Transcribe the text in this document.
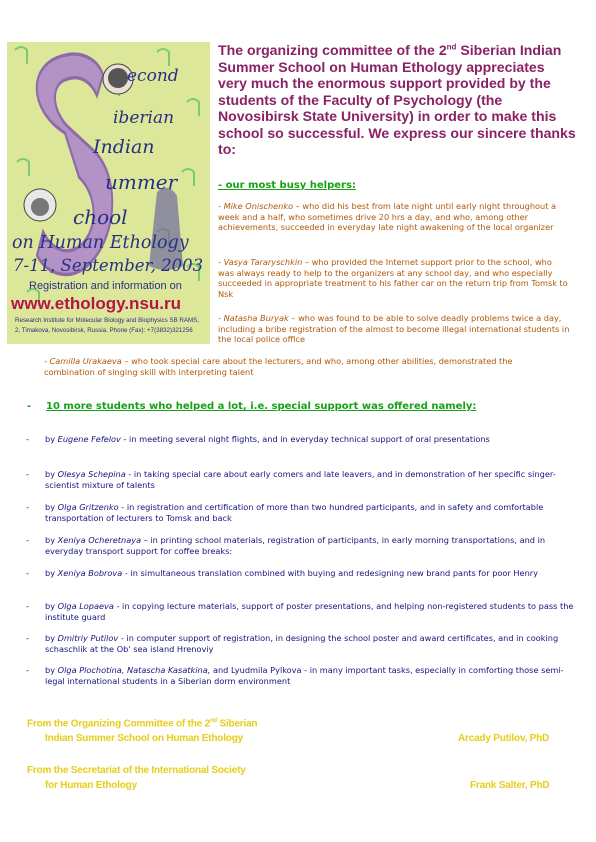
econd
iberian
Indian
ummer
chool
on Human Ethology
7-11, September, 2003
Registration and information on
www.ethology.nsu.ru
Research Institute for Molecular Biology and Biophysics SB RAMS,
2, Timakova, Novosibirsk, Russia. Phone (Fax): +7(3832)321256
The organizing committee of the 2nd Siberian Indian Summer School on Human Ethology appreciates very much the enormous support provided by the students of the Faculty of Psychology (the Novosibirsk State University) in order to make this school so successful. We express our sincere thanks to:
- our most busy helpers:
- Mike Onischenko – who did his best from late night until early night throughout a week and a half, who sometimes drive 20 hrs a day, and who, among other achievements, succeeded in everyday late night awakening of the local organizer
- Vasya Tararyschkin – who provided the Internet support prior to the school, who was always ready to help to the organizers at any school day, and who especially succeeded in appropriate treatment to his father car on the return trip from Tomsk to Nsk
- Natasha Buryak – who was found to be able to solve deadly problems twice a day, including a bribe registration of the almost to become illegal international students in the local police office
- Camilla Urakaeva – who took special care about the lecturers, and who, among other abilities, demonstrated the combination of singing skill with interpreting talent
- 10 more students who helped a lot, i.e. special support was offered namely:
- by Eugene Fefelov - in meeting several night flights, and in everyday technical support of oral presentations
- by Olesya Schepina - in taking special care about early comers and late leavers, and in demonstration of her specific singer-scientist mixture of talents
- by Olga Gritzenko - in registration and certification of more than two hundred participants, and in safety and comfortable transportation of lecturers to Tomsk and back
- by Xeniya Ocheretnaya – in printing school materials, registration of participants, in early morning transportations, and in everyday transport support for coffee breaks:
- by Xeniya Bobrova - in simultaneous translation combined with buying and redesigning new brand pants for poor Henry
- by Olga Lopaeva - in copying lecture materials, support of poster presentations, and helping non-registered students to pass the institute guard
- by Dmitriy Putilov - in computer support of registration, in designing the school poster and award certificates, and in cooking schaschlik at the Ob' sea island Hrenoviy
- by Olga Plochotina, Natascha Kasatkina, and Lyudmila Pylkova - in many important tasks, especially in comforting those semi-legal international students in a Siberian dorm environment
From the Organizing Committee of the 2nd Siberian
Indian Summer School on Human Ethology	Arcady Putilov, PhD
From the Secretariat of the International Society
for Human Ethology	Frank Salter, PhD
